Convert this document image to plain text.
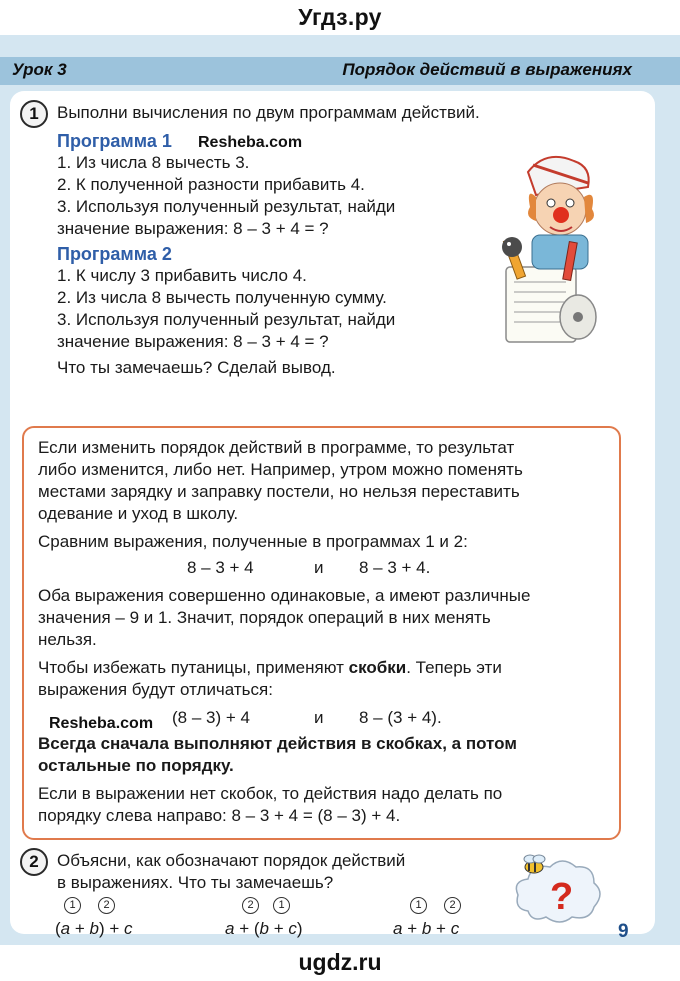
Угдз.ру
Урок 3	Порядок действий в выражениях
1	Выполни вычисления по двум программам действий.
Программа 1 Resheba.com
1. Из числа 8 вычесть 3.
2. К полученной разности прибавить 4.
3. Используя полученный результат, найди
значение выражения: 8 – 3 + 4 = ?
Программа 2
1. К числу 3 прибавить число 4.
2. Из числа 8 вычесть полученную сумму.
3. Используя полученный результат, найди
значение выражения: 8 – 3 + 4 = ?
Что ты замечаешь? Сделай вывод.
Если изменить порядок действий в программе, то результат
либо изменится, либо нет. Например, утром можно поменять
местами зарядку и заправку постели, но нельзя переставить
одевание и уход в школу.
Сравним выражения, полученные в программах 1 и 2:
8 – 3 + 4	и 8 – 3 + 4.
Оба выражения совершенно одинаковые, а имеют различные
значения – 9 и 1. Значит, порядок операций в них менять
нельзя.
Чтобы избежать путаницы, применяют скобки. Теперь эти
выражения будут отличаться:
Resheba.com (8 – 3) + 4	и 8 – (3 + 4).
Всегда сначала выполняют действия в скобках, а потом
остальные по порядку.
Если в выражении нет скобок, то действия надо делать по
порядку слева направо: 8 – 3 + 4 = (8 – 3) + 4.
2	Объясни, как обозначают порядок действий
в выражениях. Что ты замечаешь?
1	2
(a + b) + c
2	1
a + (b + c)
1	2
a + b + c
?
9
ugdz.ru
